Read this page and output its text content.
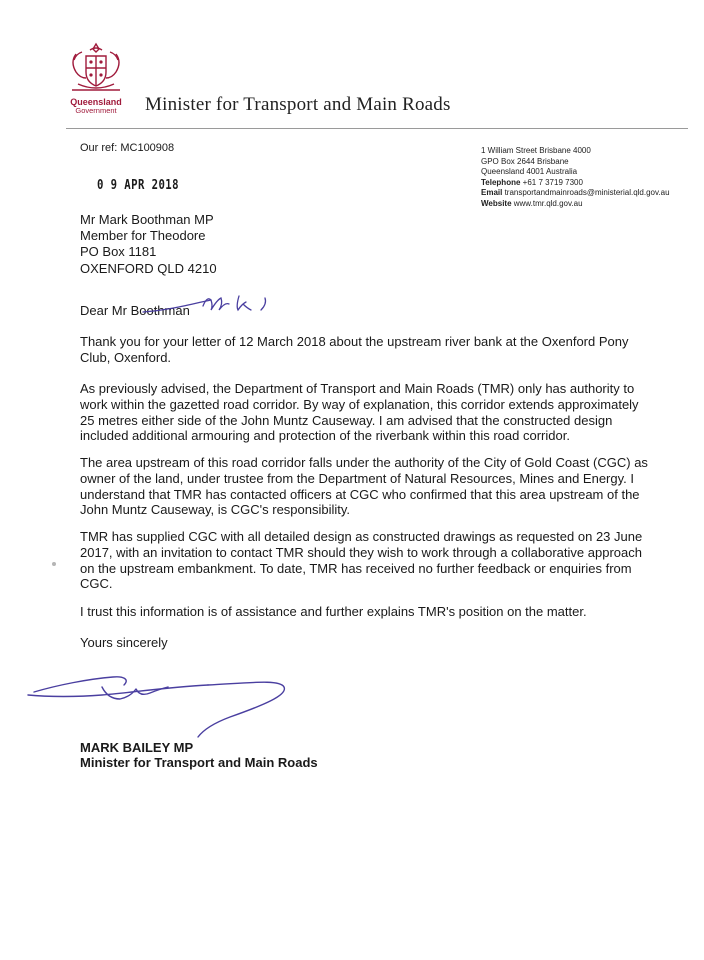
Queensland
Government	Minister for Transport and Main Roads
Our ref: MC100908	1 William Street Brisbane 4000
GPO Box 2644 Brisbane
Queensland 4001 Australia
Telephone +61 7 3719 7300
Email transportandmainroads@ministerial.qld.gov.au
Website www.tmr.qld.gov.au
0 9 APR 2018
Mr Mark Boothman MP
Member for Theodore
PO Box 1181
OXENFORD QLD 4210
Dear Mr Boothman
Thank you for your letter of 12 March 2018 about the upstream river bank at the Oxenford Pony Club, Oxenford.
As previously advised, the Department of Transport and Main Roads (TMR) only has authority to work within the gazetted road corridor. By way of explanation, this corridor extends approximately 25 metres either side of the John Muntz Causeway. I am advised that the constructed design included additional armouring and protection of the riverbank within this road corridor.
The area upstream of this road corridor falls under the authority of the City of Gold Coast (CGC) as owner of the land, under trustee from the Department of Natural Resources, Mines and Energy. I understand that TMR has contacted officers at CGC who confirmed that this area upstream of the John Muntz Causeway, is CGC's responsibility.
TMR has supplied CGC with all detailed design as constructed drawings as requested on 23 June 2017, with an invitation to contact TMR should they wish to work through a collaborative approach on the upstream embankment. To date, TMR has received no further feedback or enquiries from CGC.
I trust this information is of assistance and further explains TMR's position on the matter.
Yours sincerely
MARK BAILEY MP
Minister for Transport and Main Roads
